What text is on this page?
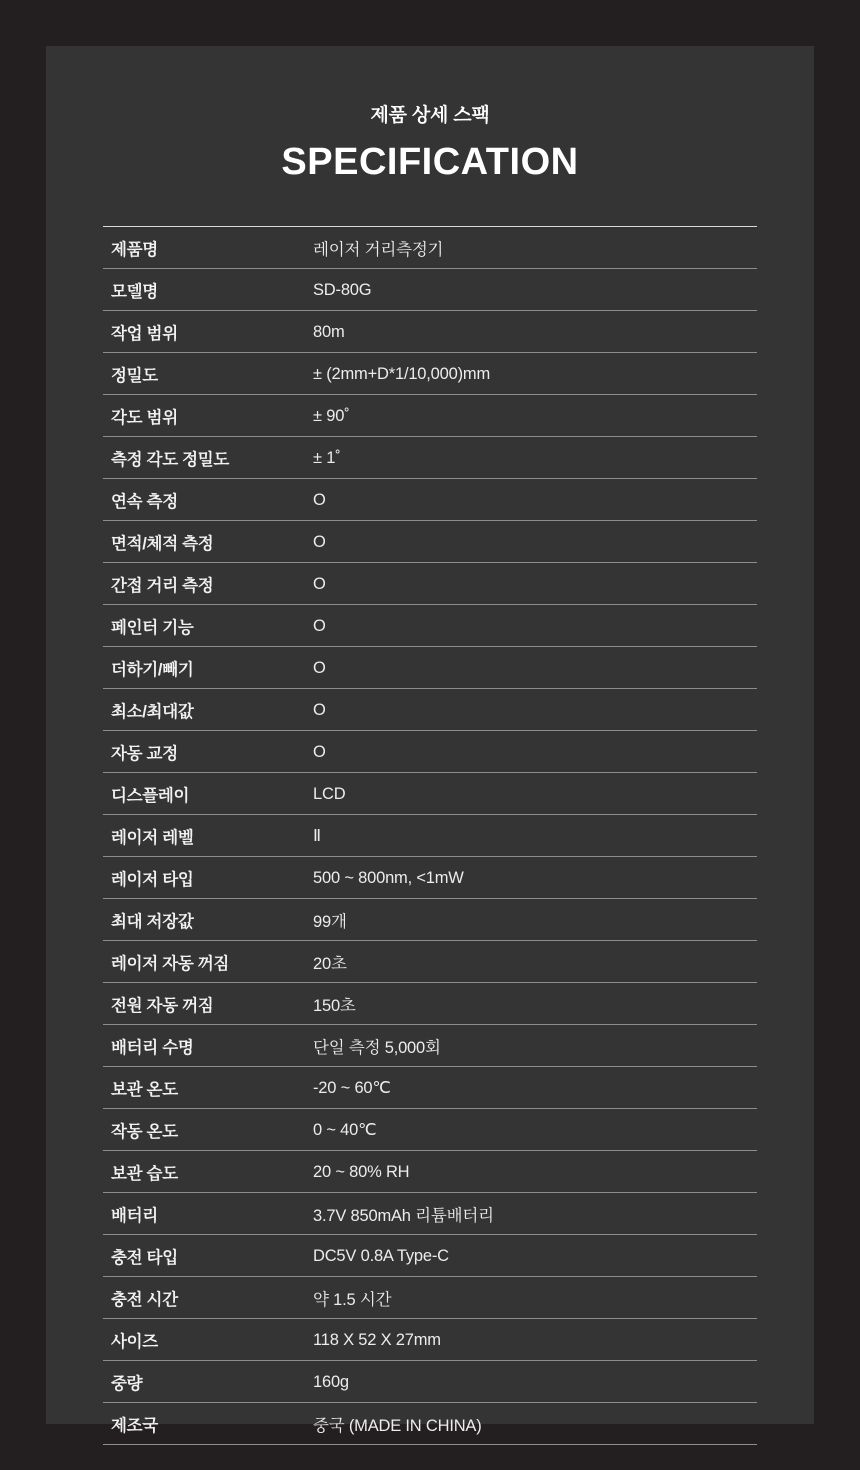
제품 상세 스팩

SPECIFICATION
제품명	레이저 거리측정기
모델명	SD-80G
작업 범위	80m
정밀도	± (2mm+D*1/10,000)mm
각도 범위	± 90˚
측정 각도 정밀도	± 1˚
연속 측정	O
면적/체적 측정	O
간접 거리 측정	O
페인터 기능	O
더하기/빼기	O
최소/최대값	O
자동 교정	O
디스플레이	LCD
레이저 레벨	Ⅱ
레이저 타입	500 ~ 800nm, <1mW
최대 저장값	99개
레이저 자동 꺼짐	20초
전원 자동 꺼짐	150초
배터리 수명	단일 측정 5,000회
보관 온도	-20 ~ 60℃
작동 온도	0 ~ 40℃
보관 습도	20 ~ 80% RH
배터리	3.7V 850mAh 리튬배터리
충전 타입	DC5V 0.8A Type-C
충전 시간	약 1.5 시간
사이즈	118 X 52 X 27mm
중량	160g
제조국	중국 (MADE IN CHINA)
